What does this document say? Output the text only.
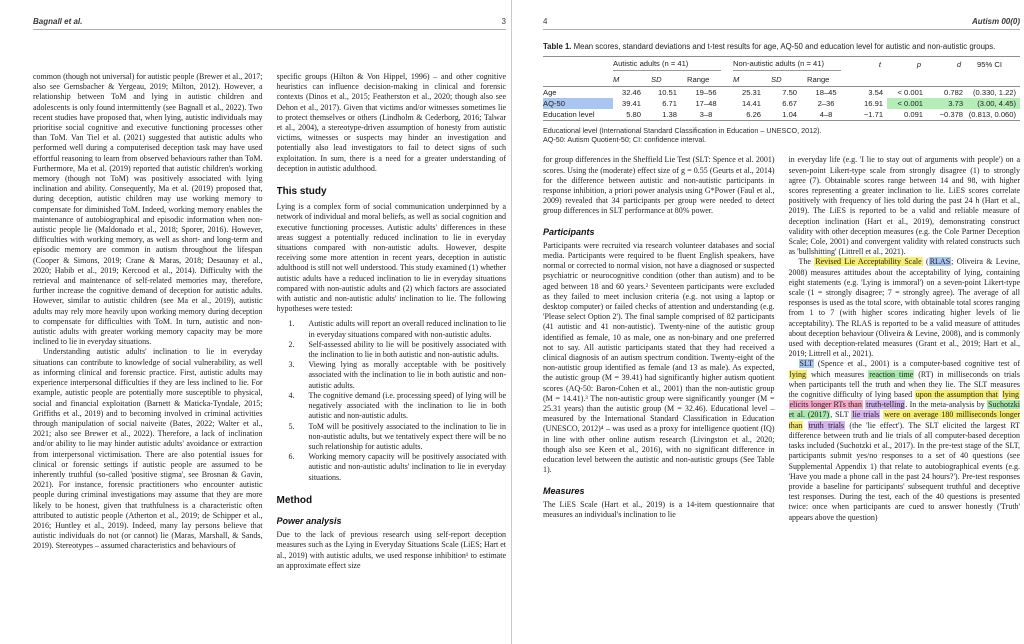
Bagnall et al.	3

common (though not universal) for autistic people (Brewer et al., 2017; also see Gernsbacher & Yergeau, 2019; Milton, 2012). However, a relationship between ToM and lying in autistic children and adolescents is only found intermittently (see Bagnall et al., 2022). Two recent studies have proposed that, when lying, autistic individuals may prioritise social cognitive and executive functioning processes other than ToM. Van Tiel et al. (2021) suggested that autistic adults who performed well during a computerised deception task may have used effortful reasoning to learn from observed behaviours rather than ToM. Furthermore, Ma et al. (2019) reported that autistic children's working memory (though not ToM) was positively associated with lying inclination and ability. Consequently, Ma et al. (2019) proposed that, during deception, autistic children may use working memory to compensate for diminished ToM. Indeed, working memory enables the maintenance of autobiographical and episodic information when non-autistic people lie (Maldonado et al., 2018; Sporer, 2016). However, difficulties with working memory, as well as short- and long-term and episodic memory are common in autism throughout the lifespan (Cooper & Simons, 2019; Crane & Maras, 2018; Desaunay et al., 2020; Habib et al., 2019; Kercood et al., 2014). Difficulty with the retrieval and maintenance of self-related memories may, therefore, further increase the cognitive demand of deception for autistic adults. However, similar to autistic children (see Ma et al., 2019), autistic adults may rely more heavily upon working memory during deception to compensate for difficulties with ToM. In turn, autistic and non-autistic adults with greater working memory capacity may be more inclined to lie in everyday situations.

Understanding autistic adults' inclination to lie in everyday situations can contribute to knowledge of social vulnerability, as well as informing clinical and forensic practice. First, autistic adults may experience interpersonal difficulties if they are less inclined to lie. For example, autistic people are potentially more susceptible to physical, social and financial exploitation (Barnett & Maticka-Tyndale, 2015; Griffiths et al., 2019) and to becoming involved in criminal activities through manipulation of social naiveite (Bates, 2022; Walter et al., 2021; also see Brewer et al., 2022). Therefore, a lack of inclination and/or ability to lie may hinder autistic adults' avoidance or extraction from interpersonal victimisation. There are also potential issues for clinical or forensic settings if autistic people are assumed to be inherently truthful (so-called 'positive stigma', see Brosnan & Gavin, 2021). For instance, forensic practitioners who encounter autistic people during criminal investigations may assume that they are more likely to be honest, given that truthfulness is a characteristic often attributed to autistic people (Atherton et al., 2019; de Schipper et al., 2016; Huntley et al., 2019). Indeed, many lay persons believe that autistic individuals do not (or cannot) lie (Maras, Marshall, & Sands, 2019). Stereotypes – assumed characteristics and behaviours of

specific groups (Hilton & Von Hippel, 1996) – and other cognitive heuristics can influence decision-making in clinical and forensic contexts (Dinos et al., 2015; Featherston et al., 2020; though also see Dehon et al., 2017). Given that victims and/or witnesses sometimes lie to protect themselves or others (Lindholm & Cederborg, 2016; Talwar et al., 2004), a stereotype-driven assumption of honesty from autistic victims, witnesses or suspects may hinder an investigation and potentially also lead investigators to fail to detect signs of such exploitation. In sum, there is a need for a greater understanding of deception in autistic adulthood.

This study

Lying is a complex form of social communication underpinned by a network of individual and moral beliefs, as well as social cognition and executive functioning processes. Autistic adults' differences in these areas suggest a potentially reduced inclination to lie in everyday situations compared with non-autistic adults. However, despite receiving some more attention in recent years, deception in autistic adulthood is still not well understood. This study examined (1) whether autistic adults have a reduced inclination to lie in everyday situations compared with non-autistic adults and (2) which factors are associated with autistic and non-autistic adults' inclination to lie. The following hypotheses were tested:

1.	Autistic adults will report an overall reduced inclination to lie in everyday situations compared with non-autistic adults.
2.	Self-assessed ability to lie will be positively associated with the inclination to lie in both autistic and non-autistic adults.
3.	Viewing lying as morally acceptable with be positively associated with the inclination to lie in both autistic and non-autistic adults.
4.	The cognitive demand (i.e. processing speed) of lying will be negatively associated with the inclination to lie in both autistic and non-autistic adults.
5.	ToM will be positively associated to the inclination to lie in non-autistic adults, but we tentatively expect there will be no such relationship for autistic adults.
6.	Working memory capacity will be positively associated with autistic and non-autistic adults' inclination to lie in everyday situations.
Method
Power analysis

Due to the lack of previous research using self-report deception measures such as the Lying in Everyday Situations Scale (LiES; Hart et al., 2019) with autistic adults, we used response inhibition¹ to estimate an approximate effect size

4	Autism 00(0)
Table 1. Mean scores, standard deviations and t-test results for age, AQ-50 and education level for autistic and non-autistic groups.

	Autistic adults (n = 41)			Non-autistic adults (n = 41)			t	p	d	95% CI
	M	SD	Range	M	SD	Range				
Age	32.46	10.51	19–56	25.31	7.50	18–45	3.54	< 0.001	0.782	(0.330, 1.22)
AQ-50	39.41	6.71	17–48	14.41	6.67	2–36	16.91	< 0.001	3.73	(3.00, 4.45)
Education level	5.80	1.38	3–8	6.26	1.04	4–8	−1.71	0.091	−0.378	(0.813, 0.060)
Educational level (International Standard Classification in Education – UNESCO, 2012).
AQ-50: Autism Quotient-50; CI: confidence interval.

for group differences in the Sheffield Lie Test (SLT: Spence et al. 2001) scores. Using the (moderate) effect size of g = 0.55 (Geurts et al., 2014) for the difference between autistic and non-autistic participants in response inhibition, a priori power analysis using G*Power (Faul et al., 2009) revealed that 34 participants per group were needed to detect group differences in SLT performance at 80% power.

Participants

Participants were recruited via research volunteer databases and social media. Participants were required to be fluent English speakers, have normal or corrected to normal vision, not have a diagnosed or suspected psychiatric or neurocognitive condition (other than autism) and to be aged between 18 and 60 years.² Seventeen participants were excluded as they failed to meet inclusion criteria (e.g. not using a laptop or desktop computer) or failed checks of attention and understanding (e.g. 'Please select Option 2'). The final sample comprised of 82 participants (41 autistic and 41 non-autistic). Twenty-nine of the autistic group identified as female, 10 as male, one as non-binary and one preferred not to say. All autistic participants stated that they had received a clinical diagnosis of an autism spectrum condition. Twenty-eight of the non-autistic group identified as female (and 13 as male). As expected, the autistic group (M = 39.41) had significantly higher autism quotient scores (AQ-50: Baron-Cohen et al., 2001) than the non-autistic group (M = 14.41).³ The non-autistic group were significantly younger (M = 25.31 years) than the autistic group (M = 32.46). Educational level – measured by the International Standard Classification in Education (UNESCO, 2012)⁴ – was used as a proxy for intelligence quotient (IQ) in line with other online autism research (Livingston et al., 2020; though also see Keen et al., 2016), with no significant difference in education level between the autistic and non-autistic groups (See Table 1).

Measures

The LiES Scale (Hart et al., 2019) is a 14-item questionnaire that measures an individual's inclination to lie

in everyday life (e.g. 'I lie to stay out of arguments with people') on a seven-point Likert-type scale from strongly disagree (1) to strongly agree (7). Obtainable scores range between 14 and 98, with higher scores representing a greater inclination to lie. LiES scores correlate positively with frequency of lies told during the past 24 h (Hart et al., 2019). The LiES is reported to be a valid and reliable measure of deception inclination (Hart et al., 2019), demonstrating construct validity with other deception measures (e.g. the Cole Partner Deception Scale; Cole, 2001) and convergent validity with related constructs such as 'bullshitting' (Littrell et al., 2021).

The Revised Lie Acceptability Scale (RLAS; Oliveira & Levine, 2008) measures attitudes about the acceptability of lying, containing eight statements (e.g. 'Lying is immoral') on a seven-point Likert-type scale (1 = strongly disagree; 7 = strongly agree). The average of all responses is used as the total score, with obtainable total scores ranging from 1 to 7 (with higher scores indicating higher levels of lie acceptability). The RLAS is reported to be a valid measure of attitudes about deception behaviour (Oliveira & Levine, 2008), and is commonly used with deception-related measures (Grant et al., 2019; Hart et al., 2019; Littrell et al., 2021).

SLT (Spence et al., 2001) is a computer-based cognitive test of lying which measures reaction time (RT) in milliseconds on trials when participants tell the truth and when they lie. The SLT measures the cognitive difficulty of lying based upon the assumption that lying elicits longer RTs than truth-telling. In the meta-analysis by Suchotzki et al. (2017), SLT lie trials were on average 180 milliseconds longer than truth trials (the 'lie effect'). The SLT elicited the largest RT difference between truth and lie trials of all computer-based deception tasks included (Suchotzki et al., 2017). In the pre-test stage of the SLT, participants submit yes/no responses to a set of 40 questions (see Supplemental Appendix 1) that relate to autobiographical events (e.g. 'Have you made a phone call in the past 24 hours?'). Pre-test responses provide a baseline for participants' subsequent truthful and deceptive test responses. During the test, each of the 40 questions is presented twice: once when participants are cued to answer honestly ('Truth' appears above the question)
